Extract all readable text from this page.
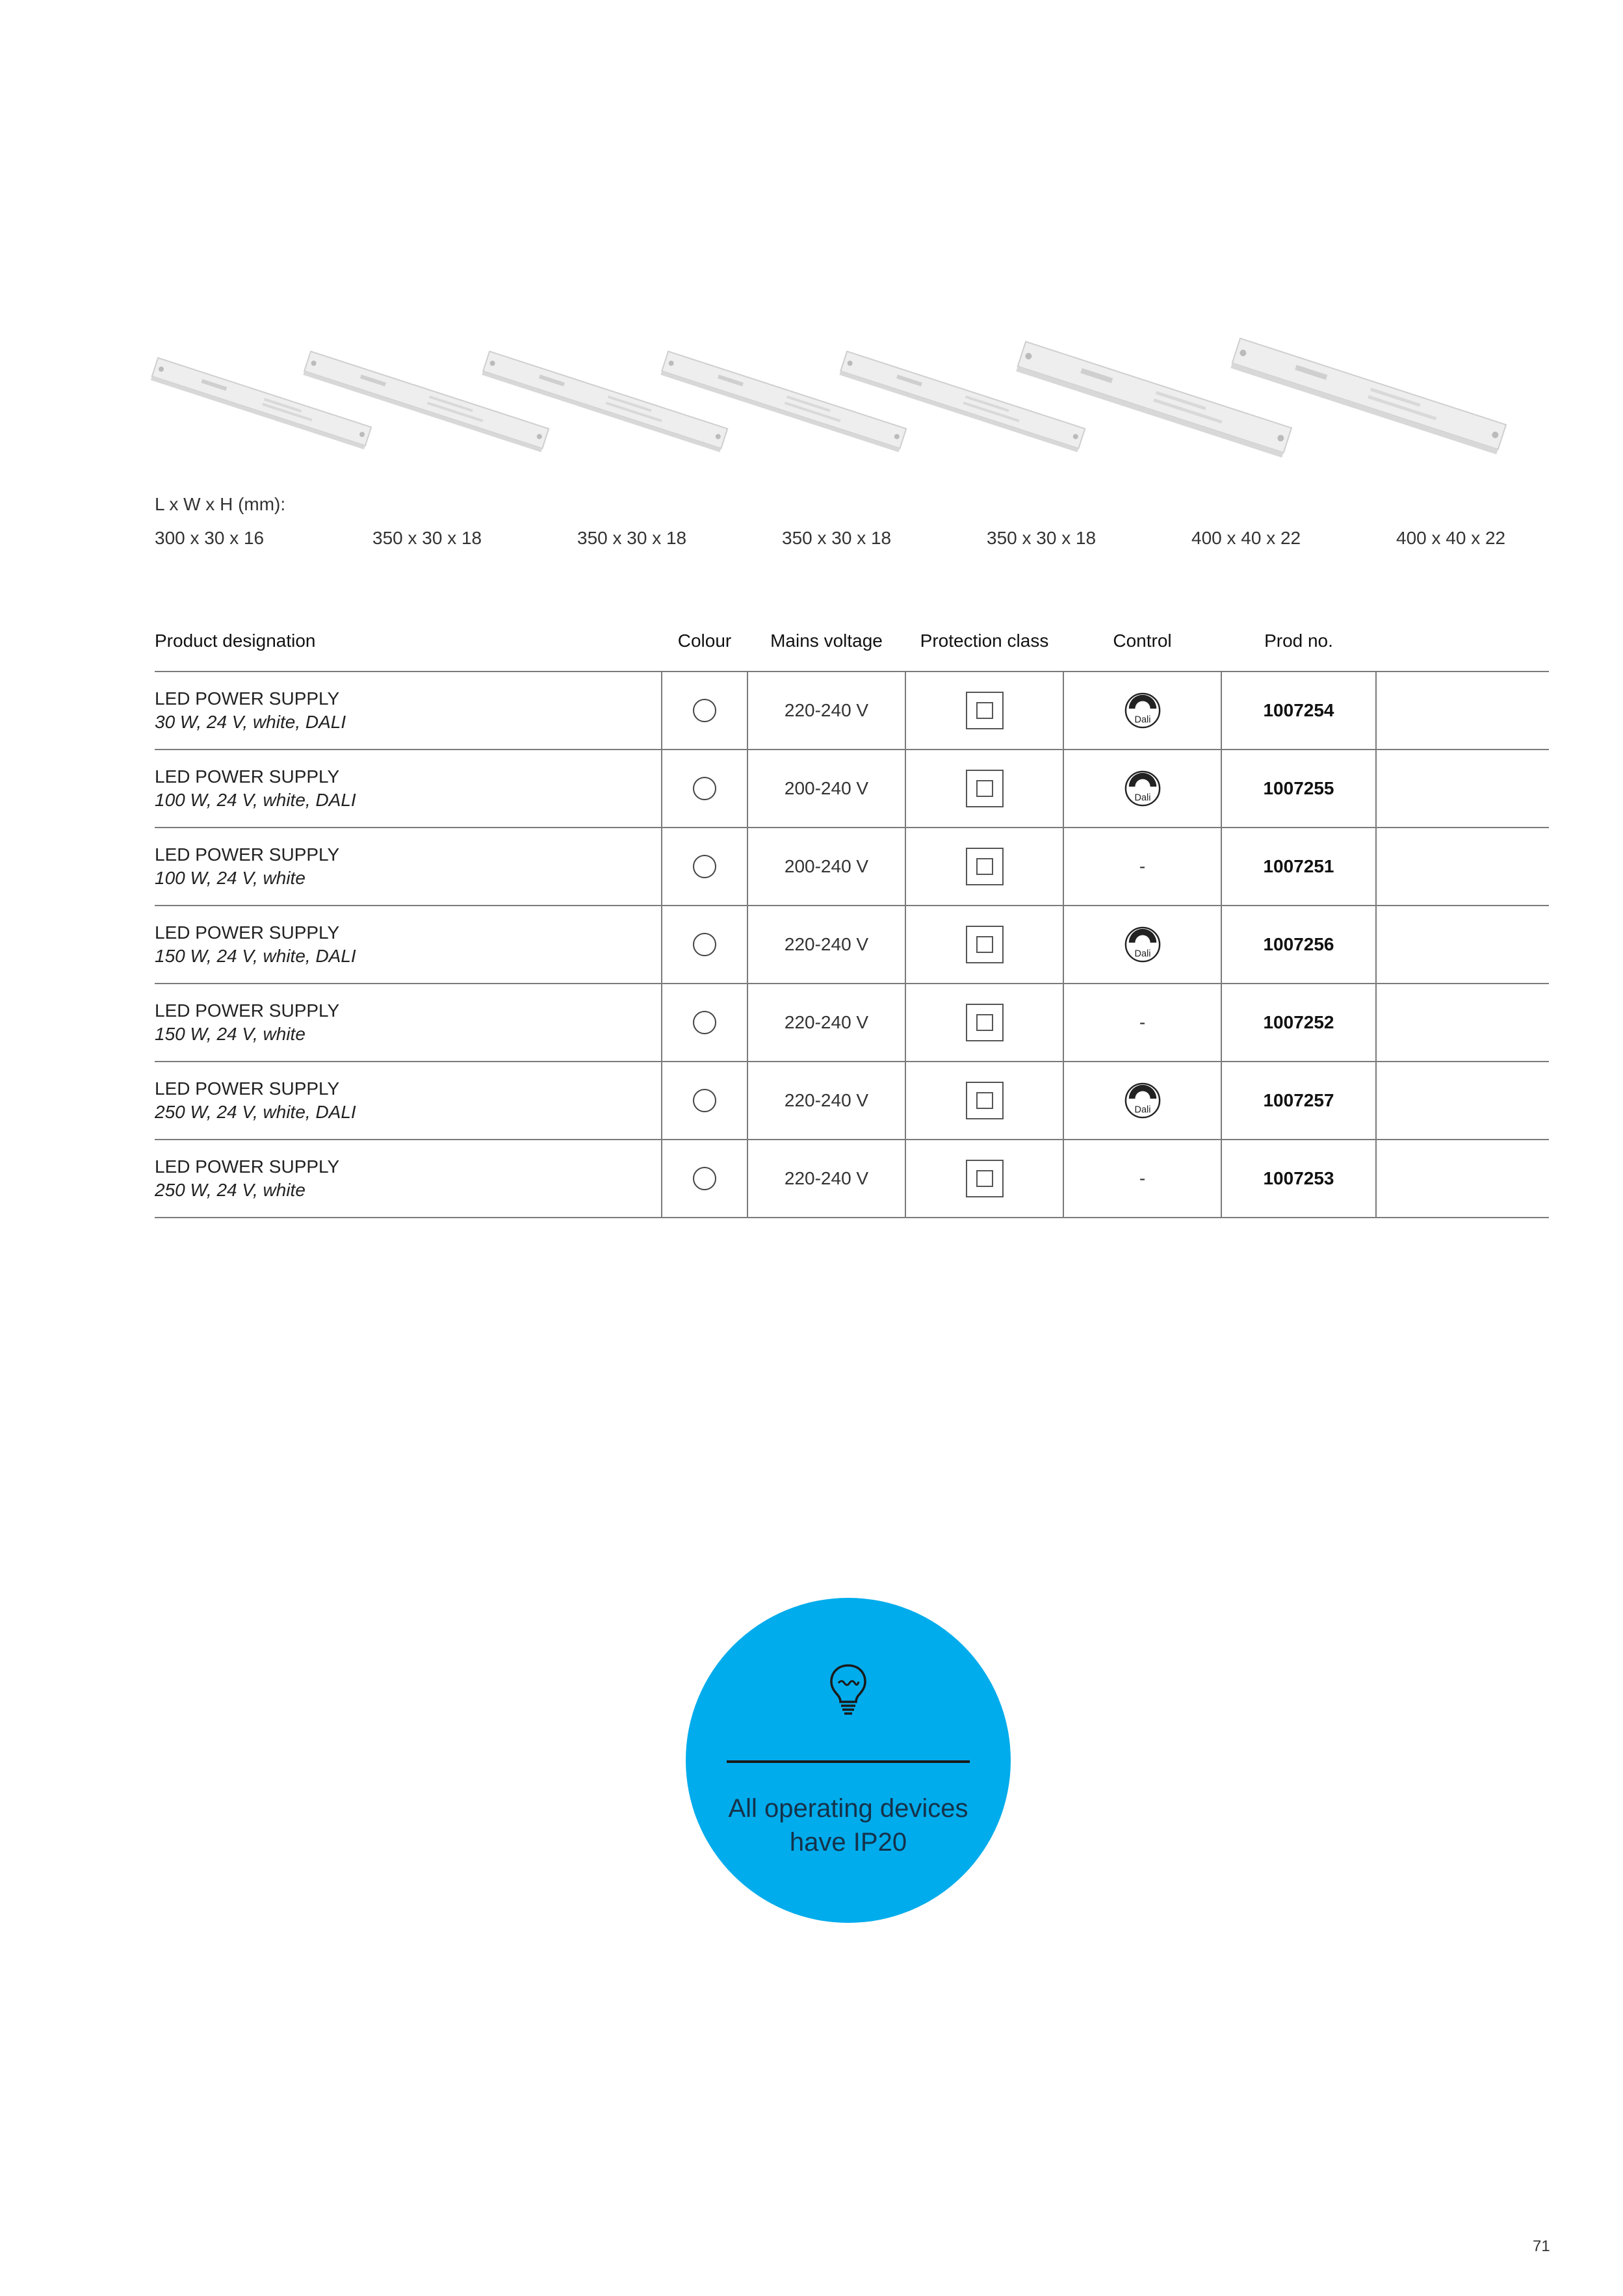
L x W x H (mm):
300 x 30 x 16	350 x 30 x 18	350 x 30 x 18	350 x 30 x 18	350 x 30 x 18	400 x 40 x 22	400 x 40 x 22
Product designation	Colour	Mains voltage	Protection class	Control	Prod no.	

LED POWER SUPPLY
30 W, 24 V, white, DALI		220-240 V		Dali	1007254	

LED POWER SUPPLY
100 W, 24 V, white, DALI		200-240 V		Dali	1007255	

LED POWER SUPPLY
100 W, 24 V, white		200-240 V		-	1007251	

LED POWER SUPPLY
150 W, 24 V, white, DALI		220-240 V		Dali	1007256	

LED POWER SUPPLY
150 W, 24 V, white		220-240 V		-	1007252	

LED POWER SUPPLY
250 W, 24 V, white, DALI		220-240 V		Dali	1007257	

LED POWER SUPPLY
250 W, 24 V, white		220-240 V		-	1007253	
All operating devices
have IP20
71
